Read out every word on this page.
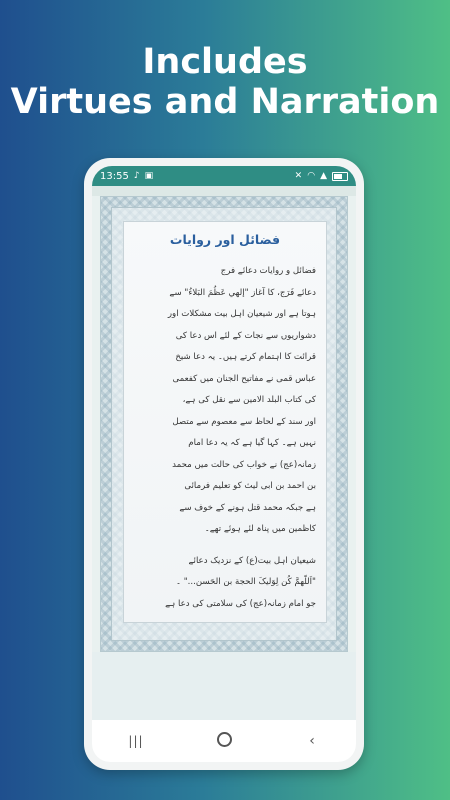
Includes
Virtues and Narration
13:55 ♪ ▣	✕ ◠ ▲
فضائل اور روایات

فضائل و روایات دعائے فرج

دعائے فَرَج، کا آغاز "إلهي عَظُمَ البَلاءُ" سے

ہوتا ہے اور شیعیان اہل بیت مشکلات اور

دشواریوں سے نجات کے لئے اس دعا کی

قرائت کا اہتمام کرتے ہیں۔ یہ دعا شیخ

عباس قمی نے مفاتیح الجنان میں کفعمی

کی کتاب البلد الامین سے نقل کی ہے،

اور سند کے لحاظ سے معصوم سے متصل

نہیں ہے۔ کہا گیا ہے کہ یہ دعا امام

زمانہ(عج) نے خواب کی حالت میں محمد

بن احمد بن ابی لیث کو تعلیم فرمائی

ہے جبکہ محمد قتل ہونے کے خوف سے

کاظمین میں پناہ لئے ہوئے تھے۔

شیعیان اہل بیت(ع) کے نزدیک دعائے

"اَللّهمَّ کُن لِوَلیکَ الحجة بن الحَسن..." ۔

جو امام زمانہ(عج) کی سلامتی کی دعا ہے

|||	‹
